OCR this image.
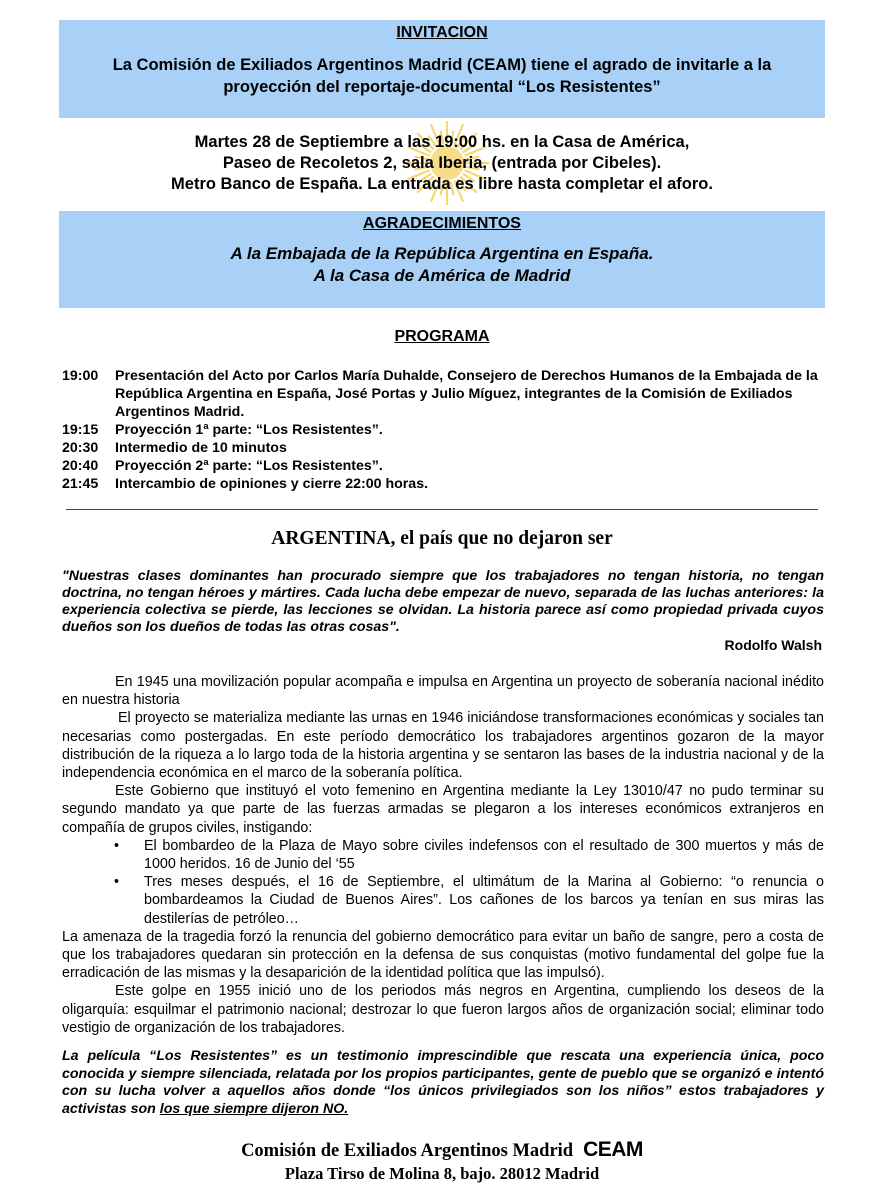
INVITACION
La Comisión de Exiliados Argentinos Madrid (CEAM) tiene el agrado de invitarle a la
proyección del reportaje-documental “Los Resistentes”
Martes 28 de Septiembre a las 19:00 hs. en la Casa de América,
Paseo de Recoletos 2, sala Iberia, (entrada por Cibeles).
Metro Banco de España. La entrada es libre hasta completar el aforo.
AGRADECIMIENTOS
A la Embajada de la República Argentina en España.
A la Casa de América de Madrid
PROGRAMA
19:00	Presentación del Acto por Carlos María Duhalde, Consejero de Derechos Humanos de la Embajada de la República Argentina en España, José Portas y Julio Míguez, integrantes de la Comisión de Exiliados Argentinos Madrid.
19:15	Proyección 1ª parte: “Los Resistentes”.
20:30	Intermedio de 10 minutos
20:40	Proyección 2ª parte: “Los Resistentes”.
21:45	Intercambio de opiniones y cierre 22:00 horas.
ARGENTINA, el país que no dejaron ser
"Nuestras clases dominantes han procurado siempre que los trabajadores no tengan historia, no tengan doctrina, no tengan héroes y mártires. Cada lucha debe empezar de nuevo, separada de las luchas anteriores: la experiencia colectiva se pierde, las lecciones se olvidan. La historia parece así como propiedad privada cuyos dueños son los dueños de todas las otras cosas".
Rodolfo Walsh

En 1945 una movilización popular acompaña e impulsa en Argentina un proyecto de soberanía nacional inédito en nuestra historia

El proyecto se materializa mediante las urnas en 1946 iniciándose transformaciones económicas y sociales tan necesarias como postergadas. En este período democrático los trabajadores argentinos gozaron de la mayor distribución de la riqueza a lo largo toda de la historia argentina y se sentaron las bases de la industria nacional y de la independencia económica en el marco de la soberanía política.

Este Gobierno que instituyó el voto femenino en Argentina mediante la Ley 13010/47 no pudo terminar su segundo mandato ya que parte de las fuerzas armadas se plegaron a los intereses económicos extranjeros en compañía de grupos civiles, instigando:

• El bombardeo de la Plaza de Mayo sobre civiles indefensos con el resultado de 300 muertos y más de 1000 heridos. 16 de Junio del ‘55
• Tres meses después, el 16 de Septiembre, el ultimátum de la Marina al Gobierno: “o renuncia o bombardeamos la Ciudad de Buenos Aires”. Los cañones de los barcos ya tenían en sus miras las destilerías de petróleo…

La amenaza de la tragedia forzó la renuncia del gobierno democrático para evitar un baño de sangre, pero a costa de que los trabajadores quedaran sin protección en la defensa de sus conquistas (motivo fundamental del golpe fue la erradicación de las mismas y la desaparición de la identidad política que las impulsó).

Este golpe en 1955 inició uno de los periodos más negros en Argentina, cumpliendo los deseos de la oligarquía: esquilmar el patrimonio nacional; destrozar lo que fueron largos años de organización social; eliminar todo vestigio de organización de los trabajadores.

La película “Los Resistentes” es un testimonio imprescindible que rescata una experiencia única, poco conocida y siempre silenciada, relatada por los propios participantes, gente de pueblo que se organizó e intentó con su lucha volver a aquellos años donde “los únicos privilegiados son los niños” estos trabajadores y activistas son los que siempre dijeron NO.
Comisión de Exiliados Argentinos Madrid CEAM
Plaza Tirso de Molina 8, bajo. 28012 Madrid
